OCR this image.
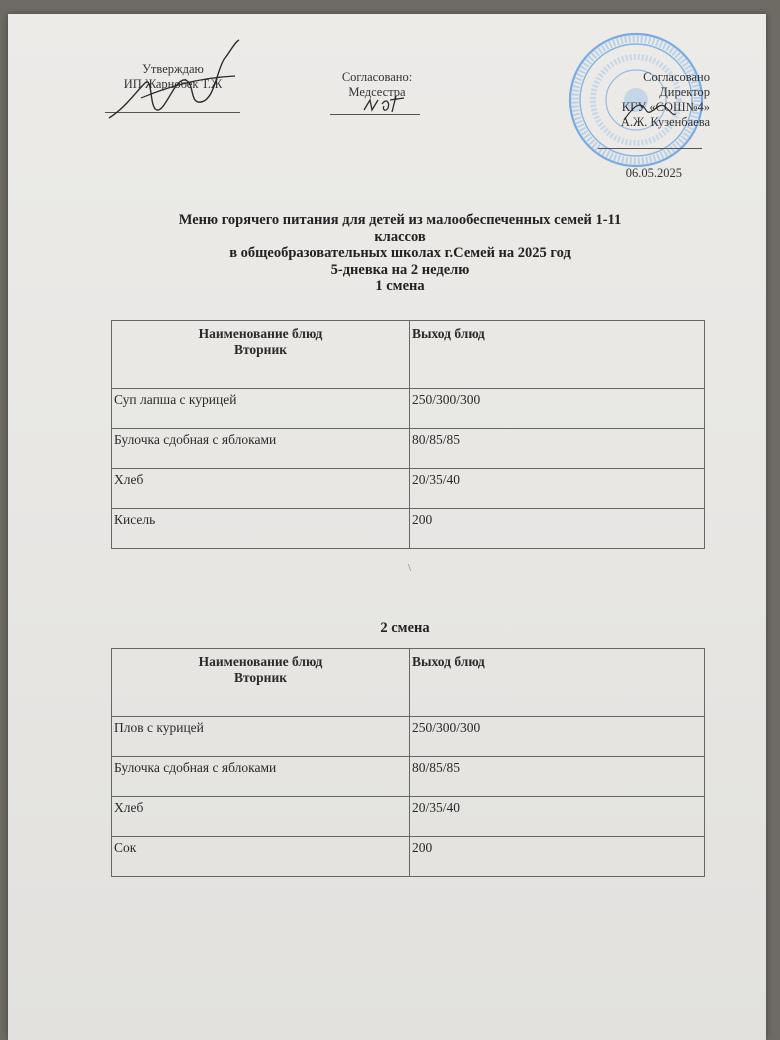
Утверждаю
ИП Жарнобек Т.Ж	Согласовано:
Медсестра
Согласовано
Директор
КГУ «СОШ№4»
А.Ж. Кузенбаева
06.05.2025
Меню горячего питания для детей из малообеспеченных семей 1-11
классов
в общеобразовательных школах г.Семей на 2025 год
5-дневка на 2 неделю
1 смена
Наименование блюд
Вторник	Выход блюд
Суп лапша с курицей	250/300/300
Булочка сдобная с яблоками	80/85/85
Хлеб	20/35/40
Кисель	200
\
2 смена
Наименование блюд
Вторник	Выход блюд
Плов с курицей	250/300/300
Булочка сдобная с яблоками	80/85/85
Хлеб	20/35/40
Сок	200
